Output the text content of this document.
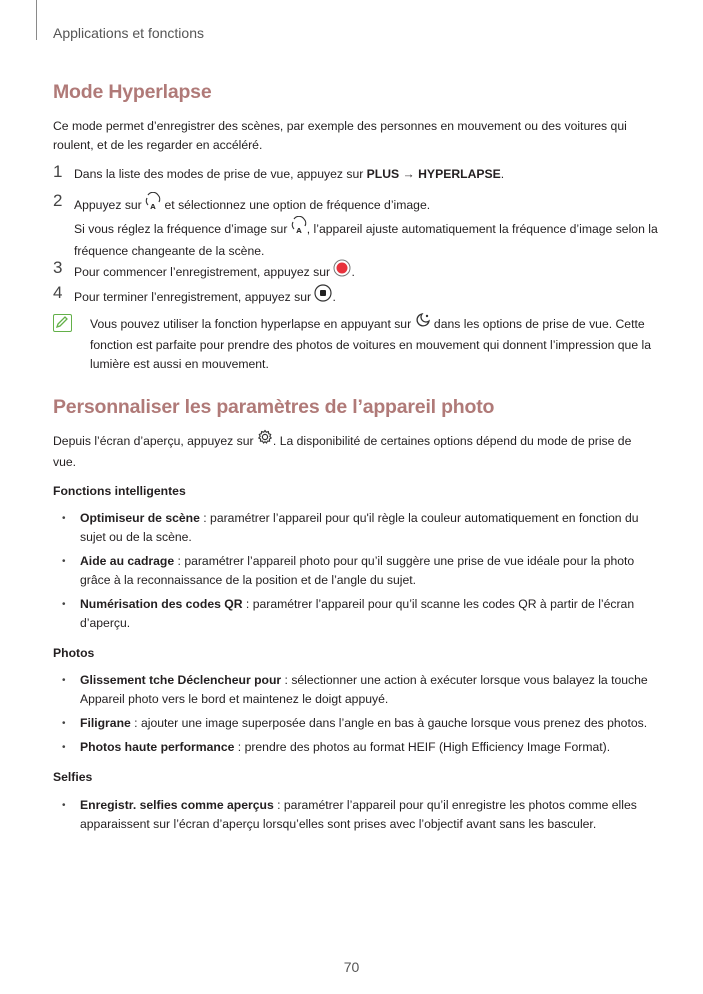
Applications et fonctions
Mode Hyperlapse
Ce mode permet d’enregistrer des scènes, par exemple des personnes en mouvement ou des voitures qui roulent, et de les regarder en accéléré.
1 Dans la liste des modes de prise de vue, appuyez sur PLUS → HYPERLAPSE.
2 Appuyez sur A et sélectionnez une option de fréquence d’image.
Si vous réglez la fréquence d’image sur A , l’appareil ajuste automatiquement la fréquence d’image selon la fréquence changeante de la scène.
3 Pour commencer l’enregistrement, appuyez sur .
4 Pour terminer l’enregistrement, appuyez sur .
Vous pouvez utiliser la fonction hyperlapse en appuyant sur  dans les options de prise de vue. Cette fonction est parfaite pour prendre des photos de voitures en mouvement qui donnent l’impression que la lumière est aussi en mouvement.
Personnaliser les paramètres de l’appareil photo
Depuis l’écran d’aperçu, appuyez sur . La disponibilité de certaines options dépend du mode de prise de vue.
Fonctions intelligentes
• Optimiseur de scène : paramétrer l’appareil pour qu'il règle la couleur automatiquement en fonction du sujet ou de la scène.
• Aide au cadrage : paramétrer l’appareil photo pour qu’il suggère une prise de vue idéale pour la photo grâce à la reconnaissance de la position et de l’angle du sujet.
• Numérisation des codes QR : paramétrer l’appareil pour qu’il scanne les codes QR à partir de l’écran d’aperçu.
Photos
• Glissement tche Déclencheur pour : sélectionner une action à exécuter lorsque vous balayez la touche Appareil photo vers le bord et maintenez le doigt appuyé.
• Filigrane : ajouter une image superposée dans l’angle en bas à gauche lorsque vous prenez des photos.
• Photos haute performance : prendre des photos au format HEIF (High Efficiency Image Format).
Selfies
• Enregistr. selfies comme aperçus : paramétrer l’appareil pour qu’il enregistre les photos comme elles apparaissent sur l’écran d’aperçu lorsqu’elles sont prises avec l’objectif avant sans les basculer.
70
